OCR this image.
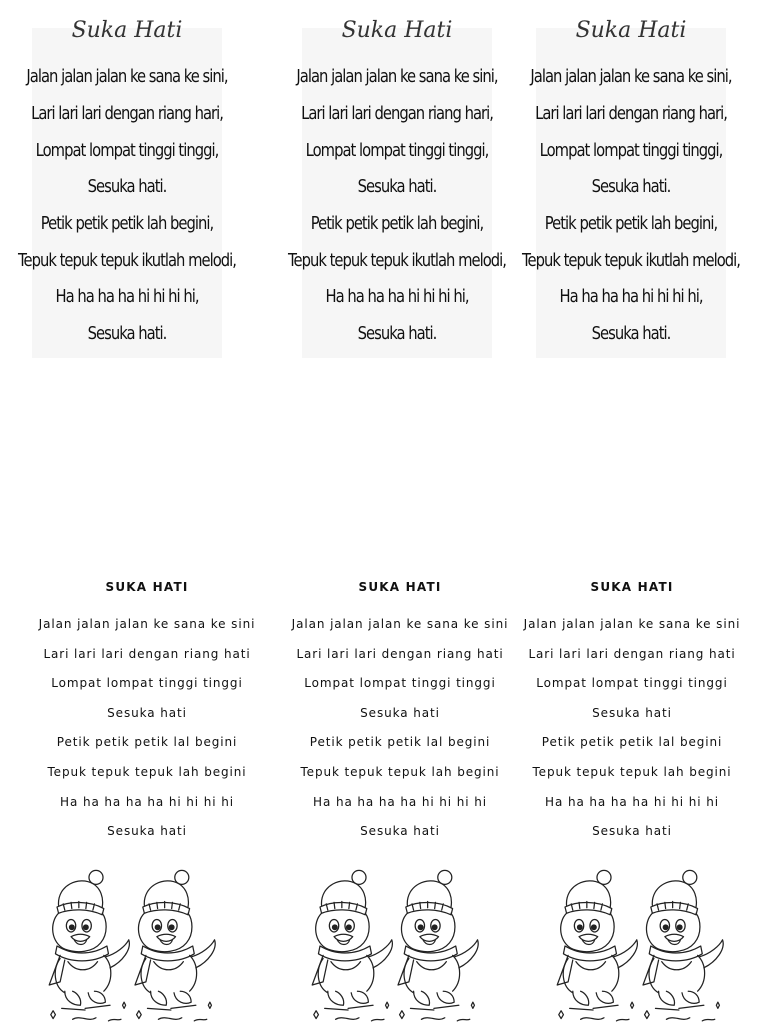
Suka Hati
Jalan jalan jalan ke sana ke sini,
Lari lari lari dengan riang hari,
Lompat lompat tinggi tinggi,
Sesuka hati.
Petik petik petik lah begini,
Tepuk tepuk tepuk ikutlah melodi,
Ha ha ha ha hi hi hi hi,
Sesuka hati.
Suka Hati
Jalan jalan jalan ke sana ke sini,
Lari lari lari dengan riang hari,
Lompat lompat tinggi tinggi,
Sesuka hati.
Petik petik petik lah begini,
Tepuk tepuk tepuk ikutlah melodi,
Ha ha ha ha hi hi hi hi,
Sesuka hati.
Suka Hati
Jalan jalan jalan ke sana ke sini,
Lari lari lari dengan riang hari,
Lompat lompat tinggi tinggi,
Sesuka hati.
Petik petik petik lah begini,
Tepuk tepuk tepuk ikutlah melodi,
Ha ha ha ha hi hi hi hi,
Sesuka hati.
SUKA HATI
Jalan jalan jalan ke sana ke sini
Lari lari lari dengan riang hati
Lompat lompat tinggi tinggi
Sesuka hati
Petik petik petik lal begini
Tepuk tepuk tepuk lah begini
Ha ha ha ha ha hi hi hi hi
Sesuka hati
SUKA HATI
Jalan jalan jalan ke sana ke sini
Lari lari lari dengan riang hati
Lompat lompat tinggi tinggi
Sesuka hati
Petik petik petik lal begini
Tepuk tepuk tepuk lah begini
Ha ha ha ha ha hi hi hi hi
Sesuka hati
SUKA HATI
Jalan jalan jalan ke sana ke sini
Lari lari lari dengan riang hati
Lompat lompat tinggi tinggi
Sesuka hati
Petik petik petik lal begini
Tepuk tepuk tepuk lah begini
Ha ha ha ha ha hi hi hi hi
Sesuka hati
